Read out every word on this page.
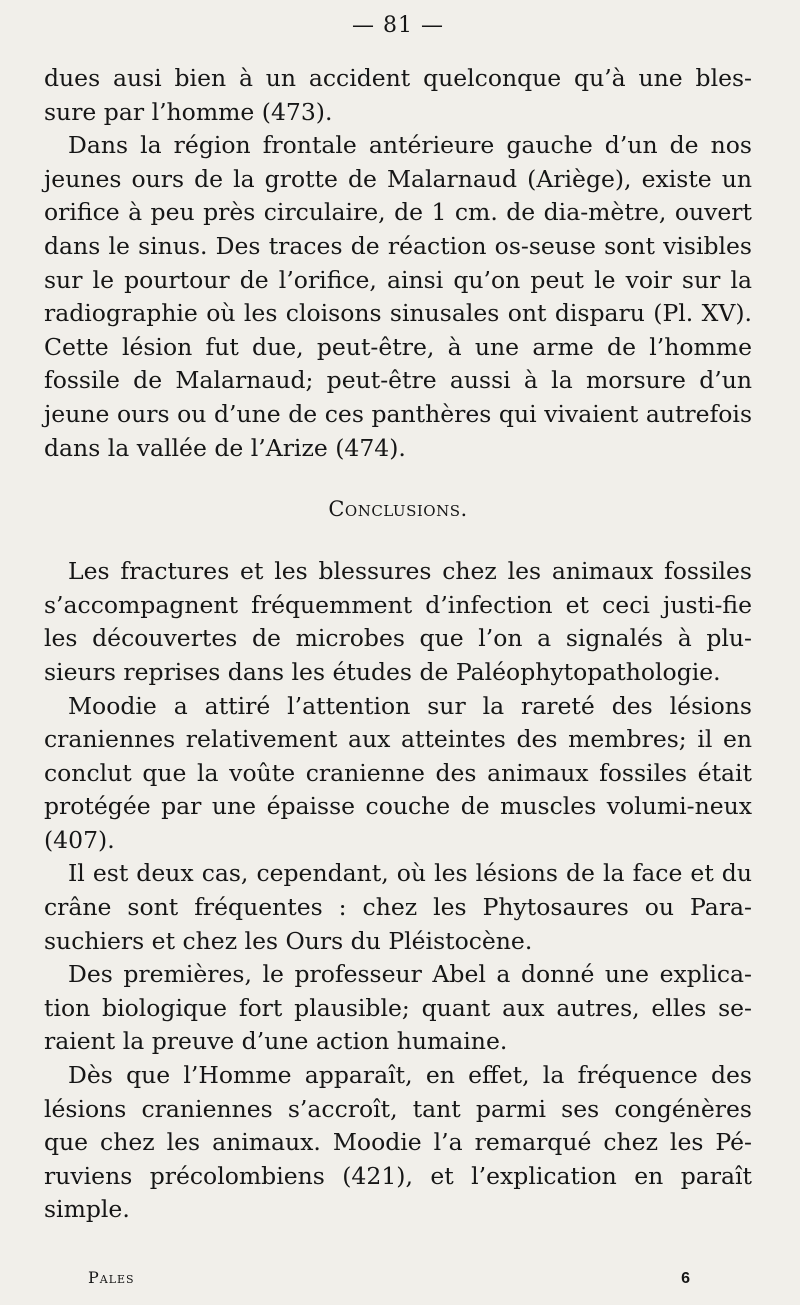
— 81 —

dues ausi bien à un accident quelconque qu’à une bles-sure par l’homme (473).

Dans la région frontale antérieure gauche d’un de nos jeunes ours de la grotte de Malarnaud (Ariège), existe un orifice à peu près circulaire, de 1 cm. de dia-mètre, ouvert dans le sinus. Des traces de réaction os-seuse sont visibles sur le pourtour de l’orifice, ainsi qu’on peut le voir sur la radiographie où les cloisons sinusales ont disparu (Pl. XV). Cette lésion fut due, peut-être, à une arme de l’homme fossile de Malarnaud; peut-être aussi à la morsure d’un jeune ours ou d’une de ces panthères qui vivaient autrefois dans la vallée de l’Arize (474).

Conclusions.

Les fractures et les blessures chez les animaux fossiles s’accompagnent fréquemment d’infection et ceci justi-fie les découvertes de microbes que l’on a signalés à plu-sieurs reprises dans les études de Paléophytopathologie.

Moodie a attiré l’attention sur la rareté des lésions craniennes relativement aux atteintes des membres; il en conclut que la voûte cranienne des animaux fossiles était protégée par une épaisse couche de muscles volumi-neux (407).

Il est deux cas, cependant, où les lésions de la face et du crâne sont fréquentes : chez les Phytosaures ou Para-suchiers et chez les Ours du Pléistocène.

Des premières, le professeur Abel a donné une explica-tion biologique fort plausible; quant aux autres, elles se-raient la preuve d’une action humaine.

Dès que l’Homme apparaît, en effet, la fréquence des lésions craniennes s’accroît, tant parmi ses congénères que chez les animaux. Moodie l’a remarqué chez les Pé-ruviens précolombiens (421), et l’explication en paraît simple.

Pales	6
